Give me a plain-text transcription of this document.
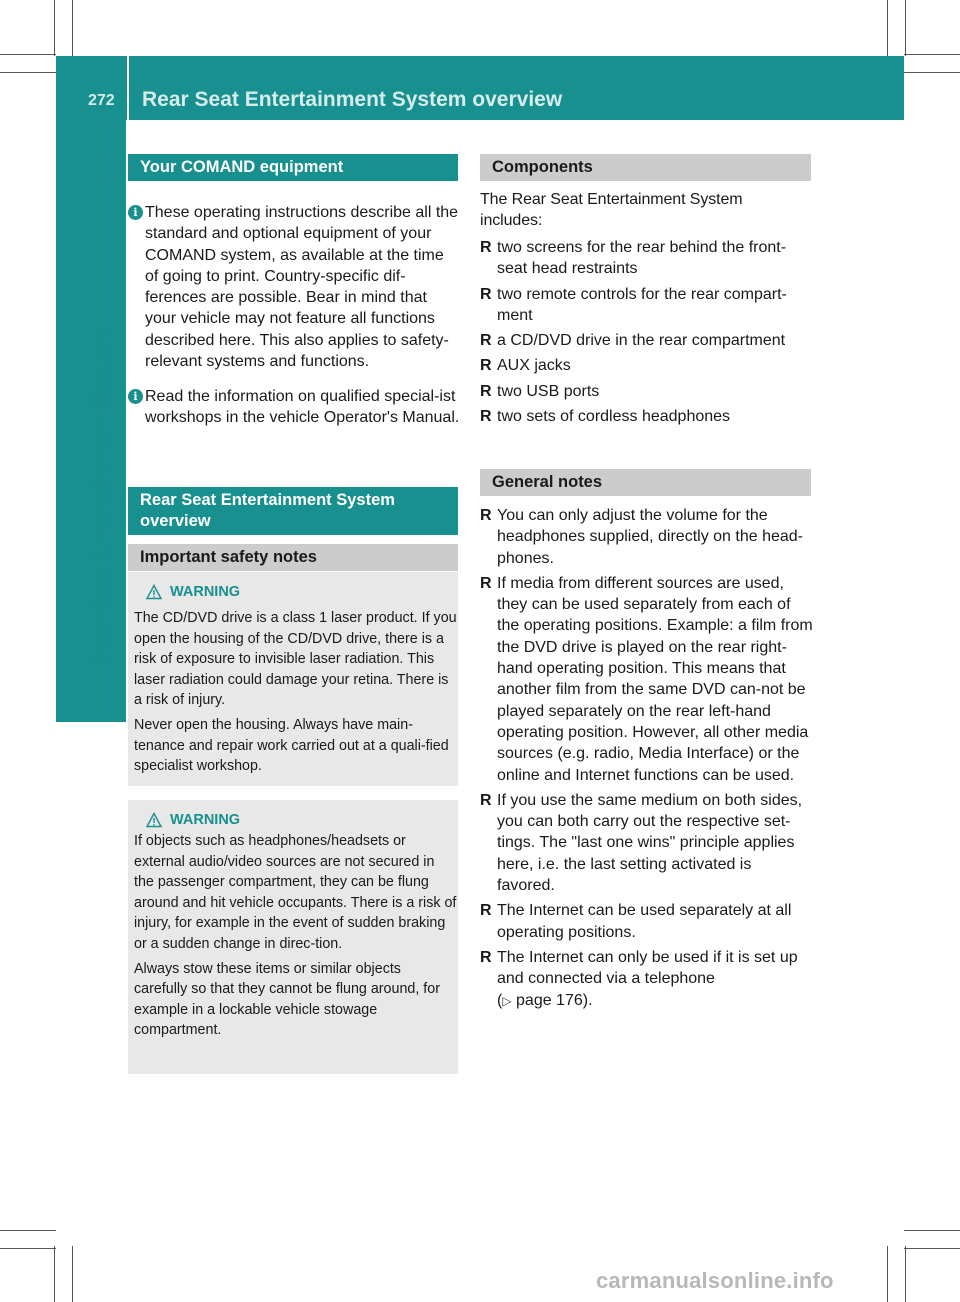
272 Rear Seat Entertainment System overview
Rear Seat Entertainment System
Your COMAND equipment
i These operating instructions describe all the standard and optional equipment of your COMAND system, as available at the time of going to print. Country-specific dif-ferences are possible. Bear in mind that your vehicle may not feature all functions described here. This also applies to safety-relevant systems and functions.
i Read the information on qualified special-ist workshops in the vehicle Operator's Manual.
Rear Seat Entertainment System overview
Important safety notes
WARNING

The CD/DVD drive is a class 1 laser product. If you open the housing of the CD/DVD drive, there is a risk of exposure to invisible laser radiation. This laser radiation could damage your retina. There is a risk of injury.

Never open the housing. Always have main-tenance and repair work carried out at a quali-fied specialist workshop.

WARNING

If objects such as headphones/headsets or external audio/video sources are not secured in the passenger compartment, they can be flung around and hit vehicle occupants. There is a risk of injury, for example in the event of sudden braking or a sudden change in direc-tion.

Always stow these items or similar objects carefully so that they cannot be flung around, for example in a lockable vehicle stowage compartment.

Components
The Rear Seat Entertainment System includes:
R two screens for the rear behind the front-seat head restraints
R two remote controls for the rear compart-ment
R a CD/DVD drive in the rear compartment
R AUX jacks
R two USB ports
R two sets of cordless headphones
General notes
R You can only adjust the volume for the headphones supplied, directly on the head-phones.
R If media from different sources are used, they can be used separately from each of the operating positions. Example: a film from the DVD drive is played on the rear right-hand operating position. This means that another film from the same DVD can-not be played separately on the rear left-hand operating position. However, all other media sources (e.g. radio, Media Interface) or the online and Internet functions can be used.
R If you use the same medium on both sides, you can both carry out the respective set-tings. The "last one wins" principle applies here, i.e. the last setting activated is favored.
R The Internet can be used separately at all operating positions.
R The Internet can only be used if it is set up and connected via a telephone
(▷ page 176).
carmanualsonline.info
